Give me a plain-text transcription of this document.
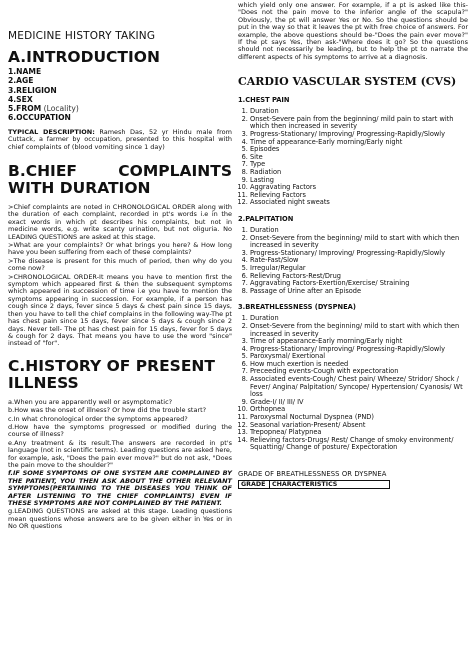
MEDICINE HISTORY TAKING
A.INTRODUCTION
1.NAME
2.AGE
3.RELIGION
4.SEX
5.FROM (Locality)
6.OCCUPATION

TYPICAL DESCRIPTION: Ramesh Das, 52 yr Hindu male from Cuttack, a farmer by occupation, presented to this hospital with chief complaints of (blood vomiting since 1 day)

B.CHIEF COMPLAINTS
WITH DURATION

>Chief complaints are noted in CHRONOLOGICAL ORDER along with the duration of each complaint, recorded in pt's words i.e in the exact words in which pt describes his complaints, but not in medicine words, e.g. write scanty urination, but not oliguria. No LEADING QUESTIONS are asked at this stage.

>What are your complaints? Or what brings you here? & How long have you been suffering from each of these complaints?

>The disease is present for this much of period, then why do you come now?

>CHRONOLOGICAL ORDER-It means you have to mention first the symptom which appeared first & then the subsequent symptoms which appeared in succession of time i.e you have to mention the symptoms appearing in succession. For example, if a person has cough since 2 days, fever since 5 days & chest pain since 15 days, then you have to tell the chief complains in the following way-The pt has chest pain since 15 days, fever since 5 days & cough since 2 days. Never tell- The pt has chest pain for 15 days, fever for 5 days & cough for 2 days. That means you have to use the word "since" instead of "for".

C.HISTORY OF PRESENT
ILLNESS

a.When you are apparently well or asymptomatic?

b.How was the onset of illness? Or how did the trouble start?

c.In what chronological order the symptoms appeared?

d.How have the symptoms progressed or modified during the course of illness?

e.Any treatment & its result.The answers are recorded in pt's language (not in scientific terms). Leading questions are asked here, for example, ask, "Does the pain ever move?" but do not ask, "Does the pain move to the shoulder?"

f.IF SOME SYMPTOMS OF ONE SYSTEM ARE COMPLAINED BY THE PATIENT, YOU THEN ASK ABOUT THE OTHER RELEVANT SYMPTOMS(PERTAINING TO THE DISEASES YOU THINK OF AFTER LISTENING TO THE CHIEF COMPLAINTS) EVEN IF THESE SYMPTOMS ARE NOT COMPLAINED BY THE PATIENT.

g.LEADING QUESTIONS are asked at this stage. Leading questions mean questions whose answers are to be given either in Yes or in No OR questions

which yield only one answer. For example, if a pt is asked like this-"Does not the pain move to the inferior angle of the scapula?" Obviously, the pt will answer Yes or No. So the questions should be put in the way so that it leaves the pt with free choice of answers. For example, the above questions should be-"Does the pain ever move?" If the pt says Yes, then ask-"Where does it go? So the questions should not necessarily be leading, but to help the pt to narrate the different aspects of his symptoms to arrive at a diagnosis.

CARDIO VASCULAR SYSTEM (CVS)
1.CHEST PAIN
1. Duration
2. Onset-Severe pain from the beginning/ mild pain to start with which then increased in severity
3. Progress-Stationary/ Improving/ Progressing-Rapidly/Slowly
4. Time of appearance-Early morning/Early night
5. Episodes
6. Site
7. Type
8. Radiation
9. Lasting
10. Aggravating Factors
11. Relieving Factors
12. Associated night sweats
2.PALPITATION
1. Duration
2. Onset-Severe from the beginning/ mild to start with which then increased in severity
3. Progress-Stationary/ Improving/ Progressing-Rapidly/Slowly
4. Rate-Fast/Slow
5. Irregular/Regular
6. Relieving Factors-Rest/Drug
7. Aggravating Factors-Exertion/Exercise/ Straining
8. Passage of Urine after an Episode
3.BREATHLESSNESS (DYSPNEA)
1. Duration
2. Onset-Severe from the beginning/ mild to start with which then increased in severity
3. Time of appearance-Early morning/Early night
4. Progress-Stationary/ Improving/ Progressing-Rapidly/Slowly
5. Paroxysmal/ Exertional
6. How much exertion is needed
7. Preceeding events-Cough with expectoration
8. Associated events-Cough/ Chest pain/ Wheeze/ Stridor/ Shock / Fever/ Angina/ Palpitation/ Syncope/ Hypertension/ Cyanosis/ Wt loss
9. Grade-I/ II/ III/ IV
10. Orthopnea
11. Paroxysmal Nocturnal Dyspnea (PND)
12. Seasonal variation-Present/ Absent
13. Trepopnea/ Platypnea
14. Relieving factors-Drugs/ Rest/ Change of smoky environment/ Squatting/ Change of posture/ Expectoration
GRADE OF BREATHLESSNESS OR DYSPNEA
GRADE	CHARACTERISTICS
